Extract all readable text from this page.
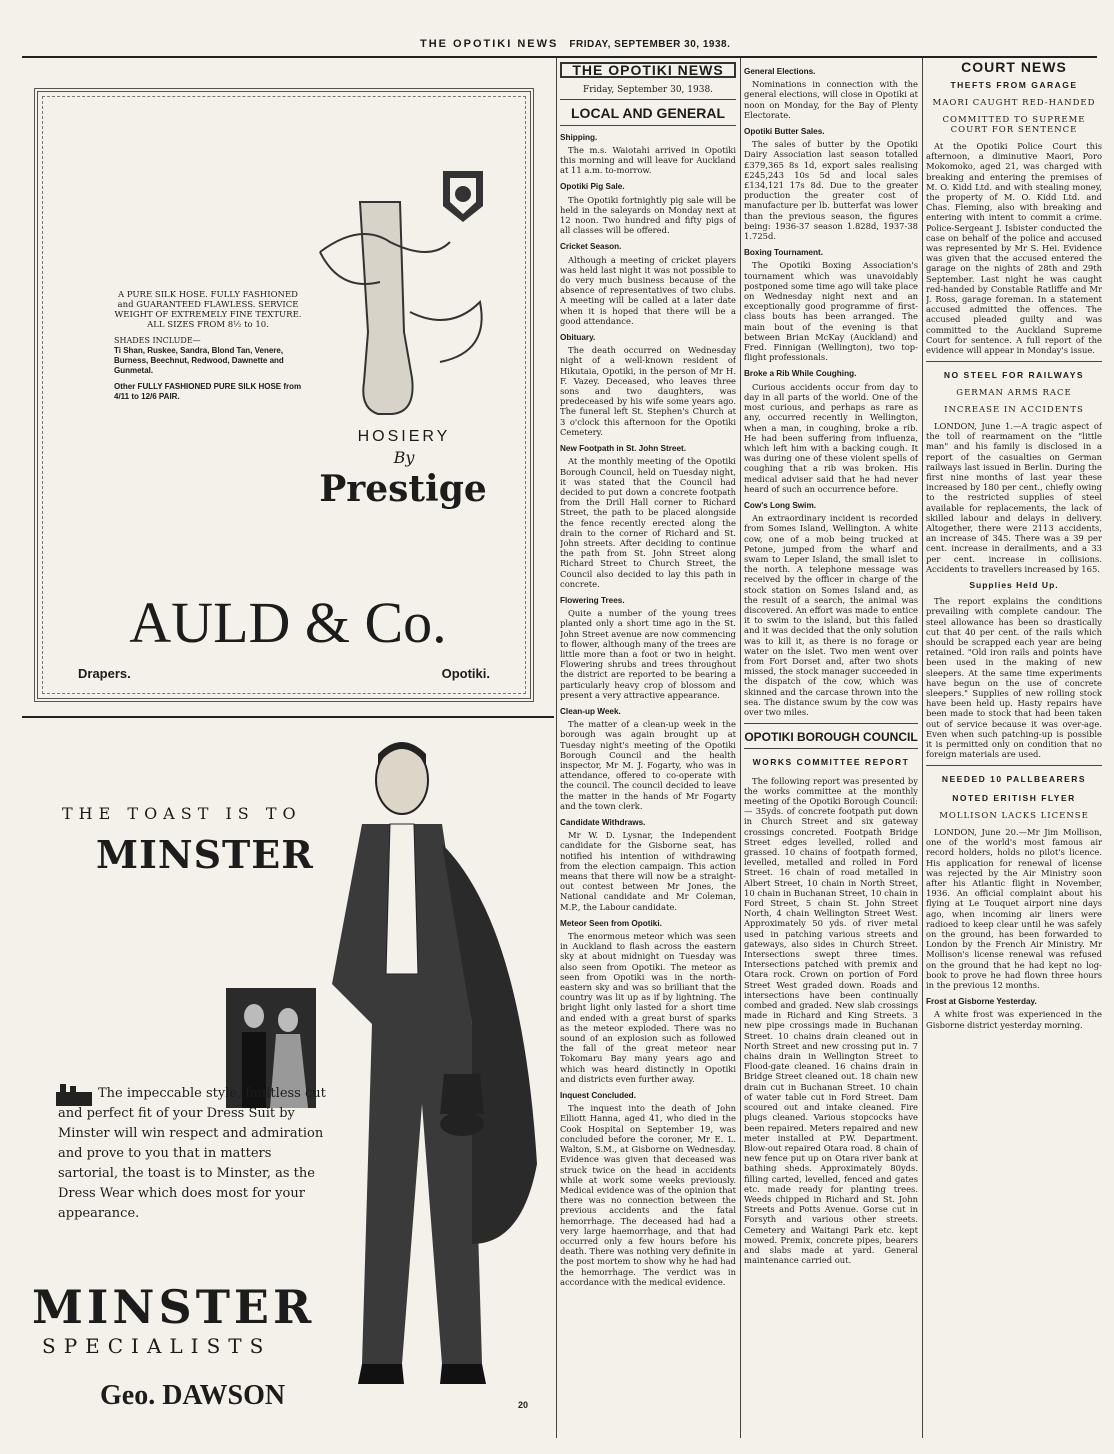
THE OPOTIKI NEWS FRIDAY, SEPTEMBER 30, 1938.
A PURE SILK HOSE. FULLY FASHIONED and GUARANTEED FLAWLESS. SERVICE WEIGHT OF EXTREMELY FINE TEXTURE. ALL SIZES FROM 8½ to 10.
SHADES INCLUDE—
Ti Shan, Ruskee, Sandra, Blond Tan, Venere, Burness, Beechnut, Redwood, Dawnette and Gunmetal.
Other FULLY FASHIONED PURE SILK HOSE from 4/11 to 12/6 PAIR.
HOSIERY
By
Prestige
AULD & Co.
Drapers.	Opotiki.
THE TOAST IS TO
MINSTER
The impeccable style, faultless cut and perfect fit of your Dress Suit by Minster will win respect and admiration and prove to you that in matters sartorial, the toast is to Minster, as the Dress Wear which does most for your appearance.
MINSTER
SPECIALISTS
Geo. DAWSON	20
THE OPOTIKI NEWS
Friday, September 30, 1938.
LOCAL AND GENERAL
Shipping.

The m.s. Waiotahi arrived in Opotiki this morning and will leave for Auckland at 11 a.m. to-morrow.

Opotiki Pig Sale.

The Opotiki fortnightly pig sale will be held in the saleyards on Monday next at 12 noon. Two hundred and fifty pigs of all classes will be offered.

Cricket Season.

Although a meeting of cricket players was held last night it was not possible to do very much business because of the absence of representatives of two clubs. A meeting will be called at a later date when it is hoped that there will be a good attendance.

Obituary.

The death occurred on Wednesday night of a well-known resident of Hikutaia, Opotiki, in the person of Mr H. F. Vazey. Deceased, who leaves three sons and two daughters, was predeceased by his wife some years ago. The funeral left St. Stephen's Church at 3 o'clock this afternoon for the Opotiki Cemetery.

New Footpath in St. John Street.

At the monthly meeting of the Opotiki Borough Council, held on Tuesday night, it was stated that the Council had decided to put down a concrete footpath from the Drill Hall corner to Richard Street, the path to be placed alongside the fence recently erected along the drain to the corner of Richard and St. John streets. After deciding to continue the path from St. John Street along Richard Street to Church Street, the Council also decided to lay this path in concrete.

Flowering Trees.

Quite a number of the young trees planted only a short time ago in the St. John Street avenue are now commencing to flower, although many of the trees are little more than a foot or two in height. Flowering shrubs and trees throughout the district are reported to be bearing a particularly heavy crop of blossom and present a very attractive appearance.

Clean-up Week.

The matter of a clean-up week in the borough was again brought up at Tuesday night's meeting of the Opotiki Borough Council and the health inspector, Mr M. J. Fogarty, who was in attendance, offered to co-operate with the council. The council decided to leave the matter in the hands of Mr Fogarty and the town clerk.

Candidate Withdraws.

Mr W. D. Lysnar, the Independent candidate for the Gisborne seat, has notified his intention of withdrawing from the election campaign. This action means that there will now be a straight-out contest between Mr Jones, the National candidate and Mr Coleman, M.P., the Labour candidate.

Meteor Seen from Opotiki.

The enormous meteor which was seen in Auckland to flash across the eastern sky at about midnight on Tuesday was also seen from Opotiki. The meteor as seen from Opotiki was in the north-eastern sky and was so brilliant that the country was lit up as if by lightning. The bright light only lasted for a short time and ended with a great burst of sparks as the meteor exploded. There was no sound of an explosion such as followed the fall of the great meteor near Tokomaru Bay many years ago and which was heard distinctly in Opotiki and districts even further away.

Inquest Concluded.

The inquest into the death of John Elliott Hanna, aged 41, who died in the Cook Hospital on September 19, was concluded before the coroner, Mr E. L. Walton, S.M., at Gisborne on Wednesday. Evidence was given that deceased was struck twice on the head in accidents while at work some weeks previously. Medical evidence was of the opinion that there was no connection between the previous accidents and the fatal hemorrhage. The deceased had had a very large haemorrhage, and that had occurred only a few hours before his death. There was nothing very definite in the post mortem to show why he had had the hemorrhage. The verdict was in accordance with the medical evidence.

General Elections.

Nominations in connection with the general elections, will close in Opotiki at noon on Monday, for the Bay of Plenty Electorate.

Opotiki Butter Sales.

The sales of butter by the Opotiki Dairy Association last season totalled £379,365 8s 1d, export sales realising £245,243 10s 5d and local sales £134,121 17s 8d. Due to the greater production the greater cost of manufacture per lb. butterfat was lower than the previous season, the figures being: 1936-37 season 1.828d, 1937-38 1.725d.

Boxing Tournament.

The Opotiki Boxing Association's tournament which was unavoidably postponed some time ago will take place on Wednesday night next and an exceptionally good programme of first-class bouts has been arranged. The main bout of the evening is that between Brian McKay (Auckland) and Fred. Finnigan (Wellington), two top-flight professionals.

Broke a Rib While Coughing.

Curious accidents occur from day to day in all parts of the world. One of the most curious, and perhaps as rare as any, occurred recently in Wellington, when a man, in coughing, broke a rib. He had been suffering from influenza, which left him with a backing cough. It was during one of these violent spells of coughing that a rib was broken. His medical adviser said that he had never heard of such an occurrence before.

Cow's Long Swim.

An extraordinary incident is recorded from Somes Island, Wellington. A white cow, one of a mob being trucked at Petone, jumped from the wharf and swam to Leper Island, the small islet to the north. A telephone message was received by the officer in charge of the stock station on Somes Island and, as the result of a search, the animal was discovered. An effort was made to entice it to swim to the island, but this failed and it was decided that the only solution was to kill it, as there is no forage or water on the islet. Two men went over from Fort Dorset and, after two shots missed, the stock manager succeeded in the dispatch of the cow, which was skinned and the carcase thrown into the sea. The distance swum by the cow was over two miles.

OPOTIKI BOROUGH COUNCIL
WORKS COMMITTEE REPORT

The following report was presented by the works committee at the monthly meeting of the Opotiki Borough Council:— 35yds. of concrete footpath put down in Church Street and six gateway crossings concreted. Footpath Bridge Street edges levelled, rolled and grassed. 10 chains of footpath formed, levelled, metalled and rolled in Ford Street. 16 chain of road metalled in Albert Street, 10 chain in North Street, 10 chain in Buchanan Street, 10 chain in Ford Street, 5 chain St. John Street North, 4 chain Wellington Street West. Approximately 50 yds. of river metal used in patching various streets and gateways, also sides in Church Street. Intersections swept three times. Intersections patched with premix and Otara rock. Crown on portion of Ford Street West graded down. Roads and intersections have been continually combed and graded. New slab crossings made in Richard and King Streets. 3 new pipe crossings made in Buchanan Street. 10 chains drain cleaned out in North Street and new crossing put in. 7 chains drain in Wellington Street to Flood-gate cleaned. 16 chains drain in Bridge Street cleaned out. 18 chain new drain cut in Buchanan Street. 10 chain of water table cut in Ford Street. Dam scoured out and intake cleaned. Fire plugs cleaned. Various stopcocks have been repaired. Meters repaired and new meter installed at P.W. Department. Blow-out repaired Otara road. 8 chain of new fence put up on Otara river bank at bathing sheds. Approximately 80yds. filling carted, levelled, fenced and gates etc. made ready for planting trees. Weeds chipped in Richard and St. John Streets and Potts Avenue. Gorse cut in Forsyth and various other streets. Cemetery and Waitangi Park etc. kept mowed. Premix, concrete pipes, bearers and slabs made at yard. General maintenance carried out.

COURT NEWS
THEFTS FROM GARAGE
MAORI CAUGHT RED-HANDED
COMMITTED TO SUPREME COURT FOR SENTENCE

At the Opotiki Police Court this afternoon, a diminutive Maori, Poro Mokomoko, aged 21, was charged with breaking and entering the premises of M. O. Kidd Ltd. and with stealing money, the property of M. O. Kidd Ltd. and Chas. Fleming, also with breaking and entering with intent to commit a crime. Police-Sergeant J. Isbister conducted the case on behalf of the police and accused was represented by Mr S. Hei. Evidence was given that the accused entered the garage on the nights of 28th and 29th September. Last night he was caught red-handed by Constable Ratliffe and Mr J. Ross, garage foreman. In a statement accused admitted the offences. The accused pleaded guilty and was committed to the Auckland Supreme Court for sentence. A full report of the evidence will appear in Monday's issue.

NO STEEL FOR RAILWAYS
GERMAN ARMS RACE
INCREASE IN ACCIDENTS

LONDON, June 1.—A tragic aspect of the toll of rearmament on the "little man" and his family is disclosed in a report of the casualties on German railways last issued in Berlin. During the first nine months of last year these increased by 180 per cent., chiefly owing to the restricted supplies of steel available for replacements, the lack of skilled labour and delays in delivery. Altogether, there were 2113 accidents, an increase of 345. There was a 39 per cent. increase in derailments, and a 33 per cent. increase in collisions. Accidents to travellers increased by 165.

Supplies Held Up.

The report explains the conditions prevailing with complete candour. The steel allowance has been so drastically cut that 40 per cent. of the rails which should be scrapped each year are being retained. "Old iron rails and points have been used in the making of new sleepers. At the same time experiments have begun on the use of concrete sleepers." Supplies of new rolling stock have been held up. Hasty repairs have been made to stock that had been taken out of service because it was over-age. Even when such patching-up is possible it is permitted only on condition that no foreign materials are used.

NEEDED 10 PALLBEARERS
NOTED ERITISH FLYER
MOLLISON LACKS LICENSE

LONDON, June 20.—Mr Jim Mollison, one of the world's most famous air record holders, holds no pilot's licence. His application for renewal of license was rejected by the Air Ministry soon after his Atlantic flight in November, 1936. An official complaint about his flying at Le Touquet airport nine days ago, when incoming air liners were radioed to keep clear until he was safely on the ground, has been forwarded to London by the French Air Ministry. Mr Mollison's license renewal was refused on the ground that he had kept no log-book to prove he had flown three hours in the previous 12 months.

Frost at Gisborne Yesterday.

A white frost was experienced in the Gisborne district yesterday morning.
